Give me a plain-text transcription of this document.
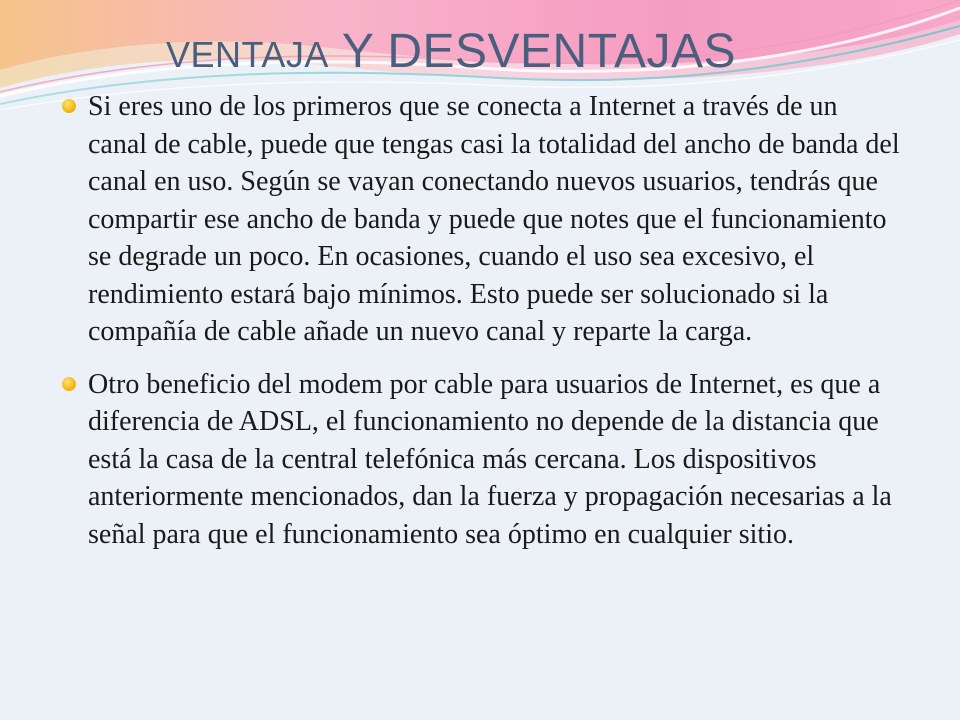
VENTAJA Y DESVENTAJAS
Si eres uno de los primeros que se conecta a Internet a través de un canal de cable, puede que tengas casi la totalidad del ancho de banda del canal en uso. Según se vayan conectando nuevos usuarios, tendrás que compartir ese ancho de banda y puede que notes que el funcionamiento se degrade un poco. En ocasiones, cuando el uso sea excesivo, el rendimiento estará bajo mínimos. Esto puede ser solucionado si la compañía de cable añade un nuevo canal y reparte la carga.
Otro beneficio del modem por cable para usuarios de Internet, es que a diferencia de ADSL, el funcionamiento no depende de la distancia que está la casa de la central telefónica más cercana. Los dispositivos anteriormente mencionados, dan la fuerza y propagación necesarias a la señal para que el funcionamiento sea óptimo en cualquier sitio.
